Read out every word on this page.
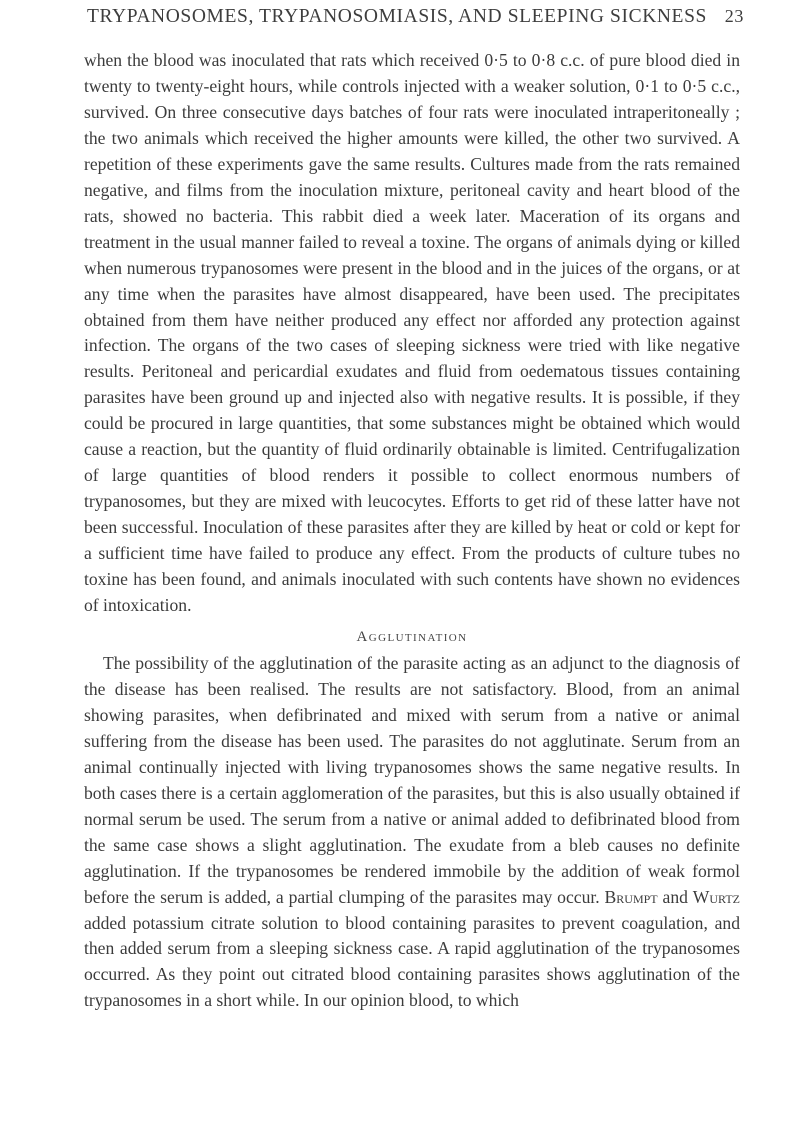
TRYPANOSOMES, TRYPANOSOMIASIS, AND SLEEPING SICKNESS 23

when the blood was inoculated that rats which received 0·5 to 0·8 c.c. of pure blood died in twenty to twenty-eight hours, while controls injected with a weaker solution, 0·1 to 0·5 c.c., survived. On three consecutive days batches of four rats were inoculated intraperitoneally ; the two animals which received the higher amounts were killed, the other two survived. A repetition of these experiments gave the same results. Cultures made from the rats remained negative, and films from the inoculation mixture, peritoneal cavity and heart blood of the rats, showed no bacteria. This rabbit died a week later. Maceration of its organs and treatment in the usual manner failed to reveal a toxine. The organs of animals dying or killed when numerous trypanosomes were present in the blood and in the juices of the organs, or at any time when the parasites have almost disappeared, have been used. The precipitates obtained from them have neither produced any effect nor afforded any protection against infection. The organs of the two cases of sleeping sickness were tried with like negative results. Peritoneal and pericardial exudates and fluid from oedematous tissues containing parasites have been ground up and injected also with negative results. It is possible, if they could be procured in large quantities, that some substances might be obtained which would cause a reaction, but the quantity of fluid ordinarily obtainable is limited. Centrifugalization of large quantities of blood renders it possible to collect enormous numbers of trypanosomes, but they are mixed with leucocytes. Efforts to get rid of these latter have not been successful. Inoculation of these parasites after they are killed by heat or cold or kept for a sufficient time have failed to produce any effect. From the products of culture tubes no toxine has been found, and animals inoculated with such contents have shown no evidences of intoxication.

Agglutination

The possibility of the agglutination of the parasite acting as an adjunct to the diagnosis of the disease has been realised. The results are not satisfactory. Blood, from an animal showing parasites, when defibrinated and mixed with serum from a native or animal suffering from the disease has been used. The parasites do not agglutinate. Serum from an animal continually injected with living trypanosomes shows the same negative results. In both cases there is a certain agglomeration of the parasites, but this is also usually obtained if normal serum be used. The serum from a native or animal added to defibrinated blood from the same case shows a slight agglutination. The exudate from a bleb causes no definite agglutination. If the trypanosomes be rendered immobile by the addition of weak formol before the serum is added, a partial clumping of the parasites may occur. Brumpt and Wurtz added potassium citrate solution to blood containing parasites to prevent coagulation, and then added serum from a sleeping sickness case. A rapid agglutination of the trypanosomes occurred. As they point out citrated blood containing parasites shows agglutination of the trypanosomes in a short while. In our opinion blood, to which
